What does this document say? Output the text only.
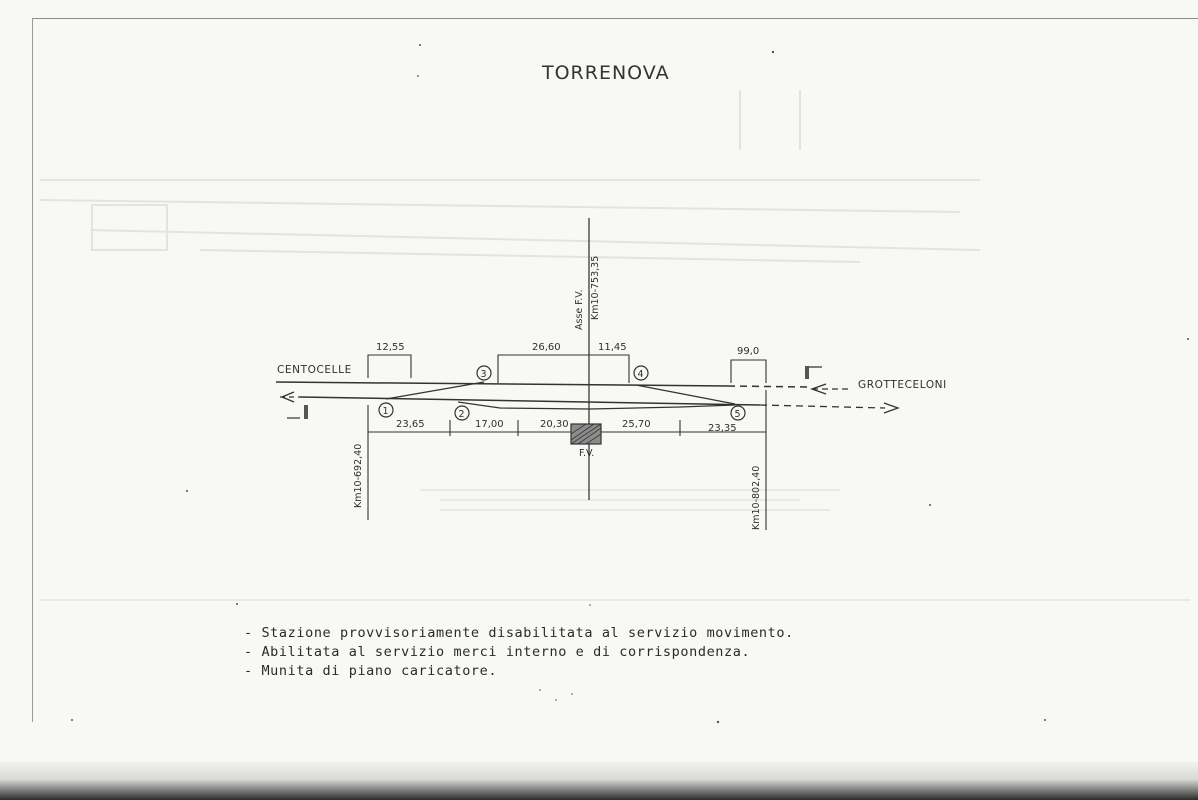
TORRENOVA
Asse F.V. Km10-753,35
1	2
3	4
5
12,55	26,60	11,45	99,0
23,65	17,00	20,30	25,70	23,35
F.V.
CENTOCELLE
GROTTECELONI
Km10-692,40	Km10-802,40
- Stazione provvisoriamente disabilitata al servizio movimento.
- Abilitata al servizio merci interno e di corrispondenza.
- Munita di piano caricatore.
